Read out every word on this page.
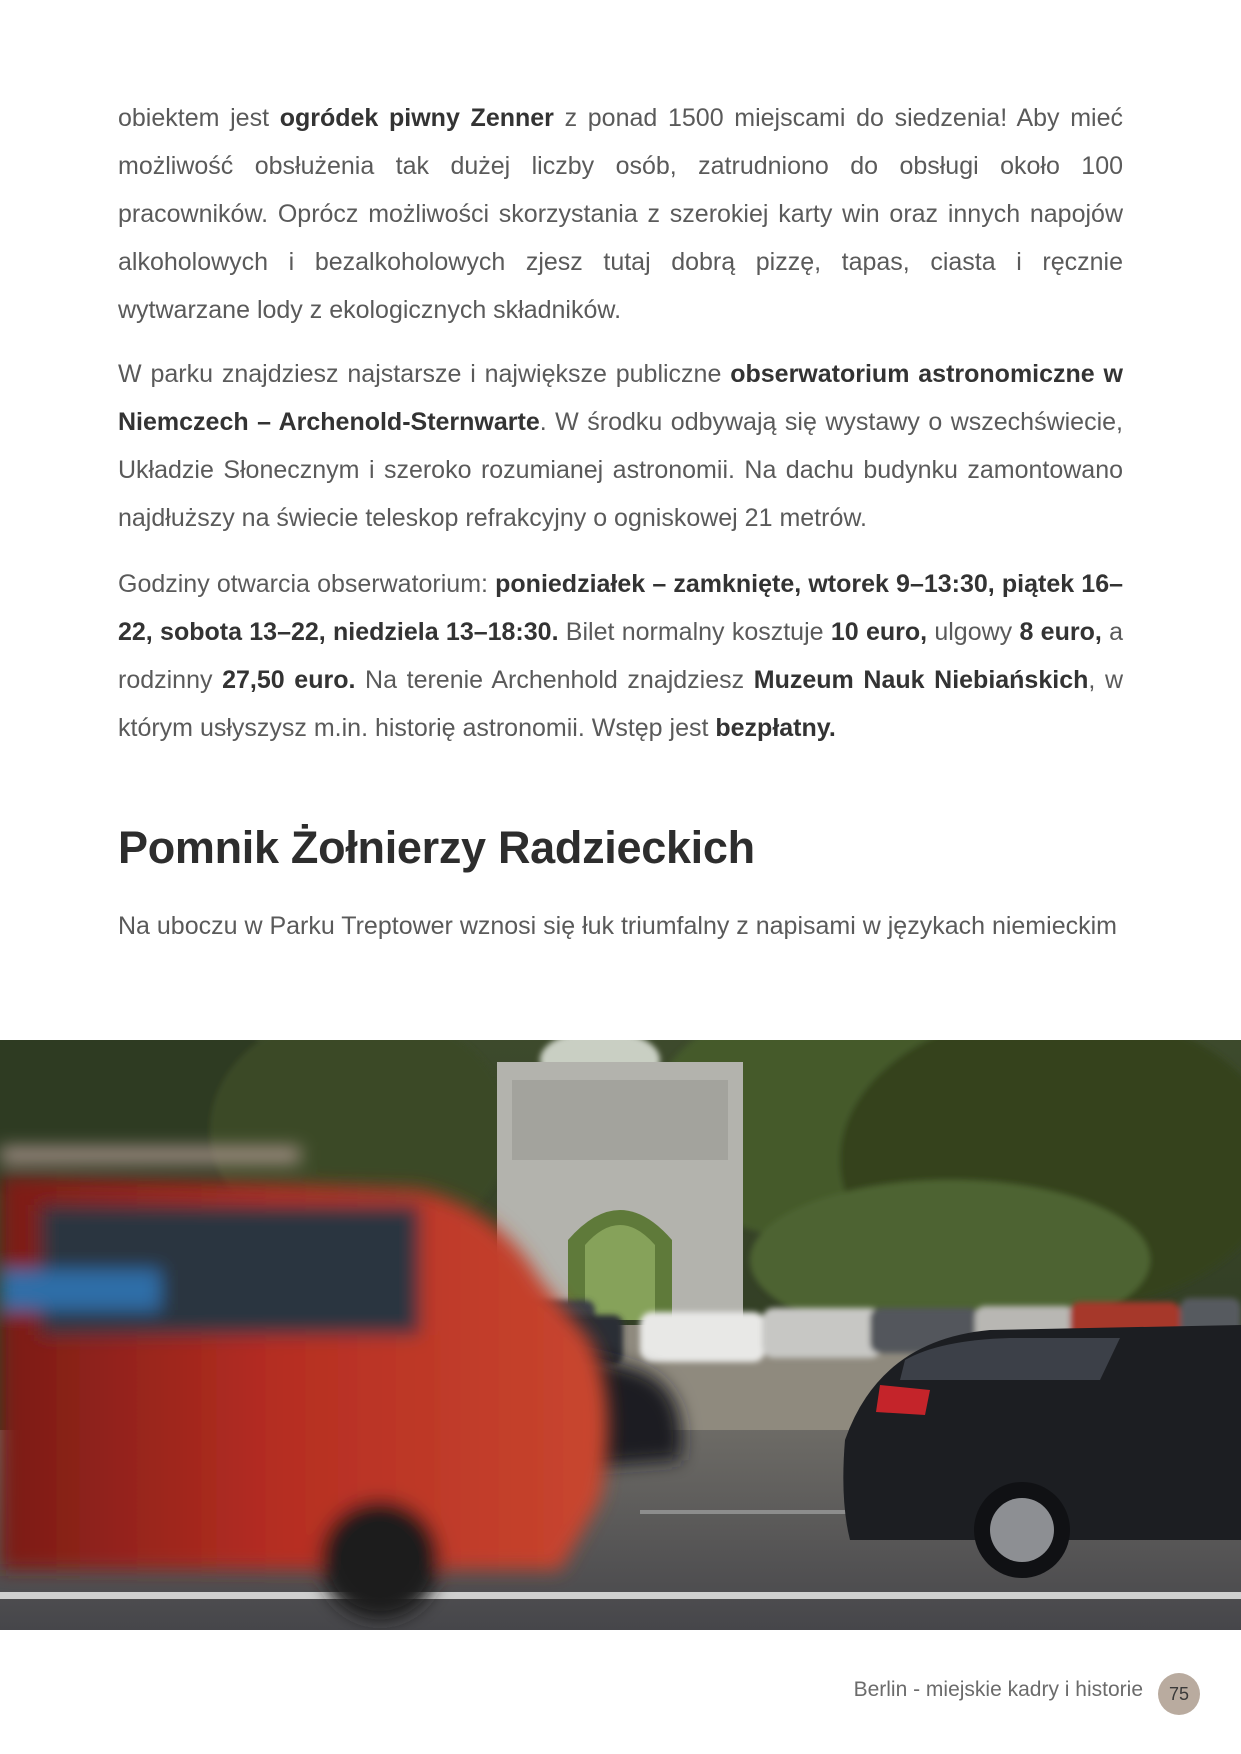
obiektem jest ogródek piwny Zenner z ponad 1500 miejscami do siedzenia! Aby mieć możliwość obsłużenia tak dużej liczby osób, zatrudniono do obsługi około 100 pracowników. Oprócz możliwości skorzystania z szerokiej karty win oraz innych napojów alkoholowych i bezalkoholowych zjesz tutaj dobrą pizzę, tapas, ciasta i ręcznie wytwarzane lody z ekologicznych składników.
W parku znajdziesz najstarsze i największe publiczne obserwatorium astronomiczne w Niemczech – Archenold-Sternwarte. W środku odbywają się wystawy o wszechświecie, Układzie Słonecznym i szeroko rozumianej astronomii. Na dachu budynku zamontowano najdłuższy na świecie teleskop refrakcyjny o ogniskowej 21 metrów.
Godziny otwarcia obserwatorium: poniedziałek – zamknięte, wtorek 9–13:30, piątek 16–22, sobota 13–22, niedziela 13–18:30. Bilet normalny kosztuje 10 euro, ulgowy 8 euro, a rodzinny 27,50 euro. Na terenie Archenhold znajdziesz Muzeum Nauk Niebiańskich, w którym usłyszysz m.in. historię astronomii. Wstęp jest bezpłatny.
Pomnik Żołnierzy Radzieckich
Na uboczu w Parku Treptower wznosi się łuk triumfalny z napisami w językach niemieckim
Berlin - miejskie kadry i historie	75
